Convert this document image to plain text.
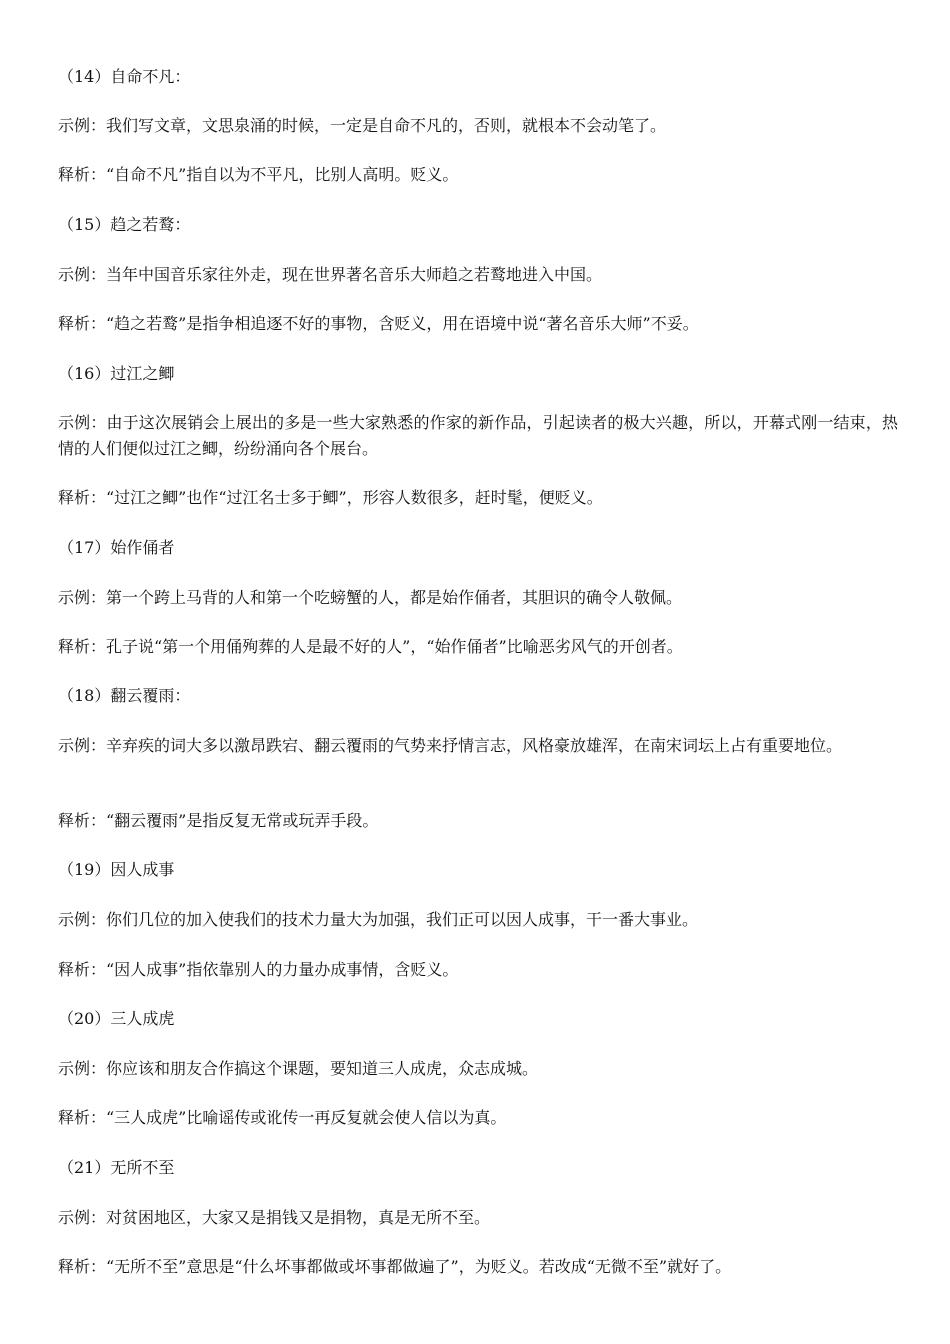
（14）自命不凡：
示例：我们写文章，文思泉涌的时候，一定是自命不凡的，否则，就根本不会动笔了。
释析：“自命不凡”指自以为不平凡，比别人高明。贬义。
（15）趋之若鹜：
示例：当年中国音乐家往外走，现在世界著名音乐大师趋之若鹜地进入中国。
释析：“趋之若鹜”是指争相追逐不好的事物，含贬义，用在语境中说“著名音乐大师”不妥。
（16）过江之鲫
示例：由于这次展销会上展出的多是一些大家熟悉的作家的新作品，引起读者的极大兴趣，所以，开幕式刚一结束，热情的人们便似过江之鲫，纷纷涌向各个展台。
释析：“过江之鲫”也作“过江名士多于鲫”，形容人数很多，赶时髦，便贬义。
（17）始作俑者
示例：第一个跨上马背的人和第一个吃螃蟹的人，都是始作俑者，其胆识的确令人敬佩。
释析：孔子说“第一个用俑殉葬的人是最不好的人”，“始作俑者”比喻恶劣风气的开创者。
（18）翻云覆雨：
示例：辛弃疾的词大多以激昂跌宕、翻云覆雨的气势来抒情言志，风格豪放雄浑，在南宋词坛上占有重要地位。
释析：“翻云覆雨”是指反复无常或玩弄手段。
（19）因人成事
示例：你们几位的加入使我们的技术力量大为加强，我们正可以因人成事，干一番大事业。
释析：“因人成事”指依靠别人的力量办成事情，含贬义。
（20）三人成虎
示例：你应该和朋友合作搞这个课题，要知道三人成虎，众志成城。
释析：“三人成虎”比喻谣传或讹传一再反复就会使人信以为真。
（21）无所不至
示例：对贫困地区，大家又是捐钱又是捐物，真是无所不至。
释析：“无所不至”意思是“什么坏事都做或坏事都做遍了”，为贬义。若改成“无微不至”就好了。
